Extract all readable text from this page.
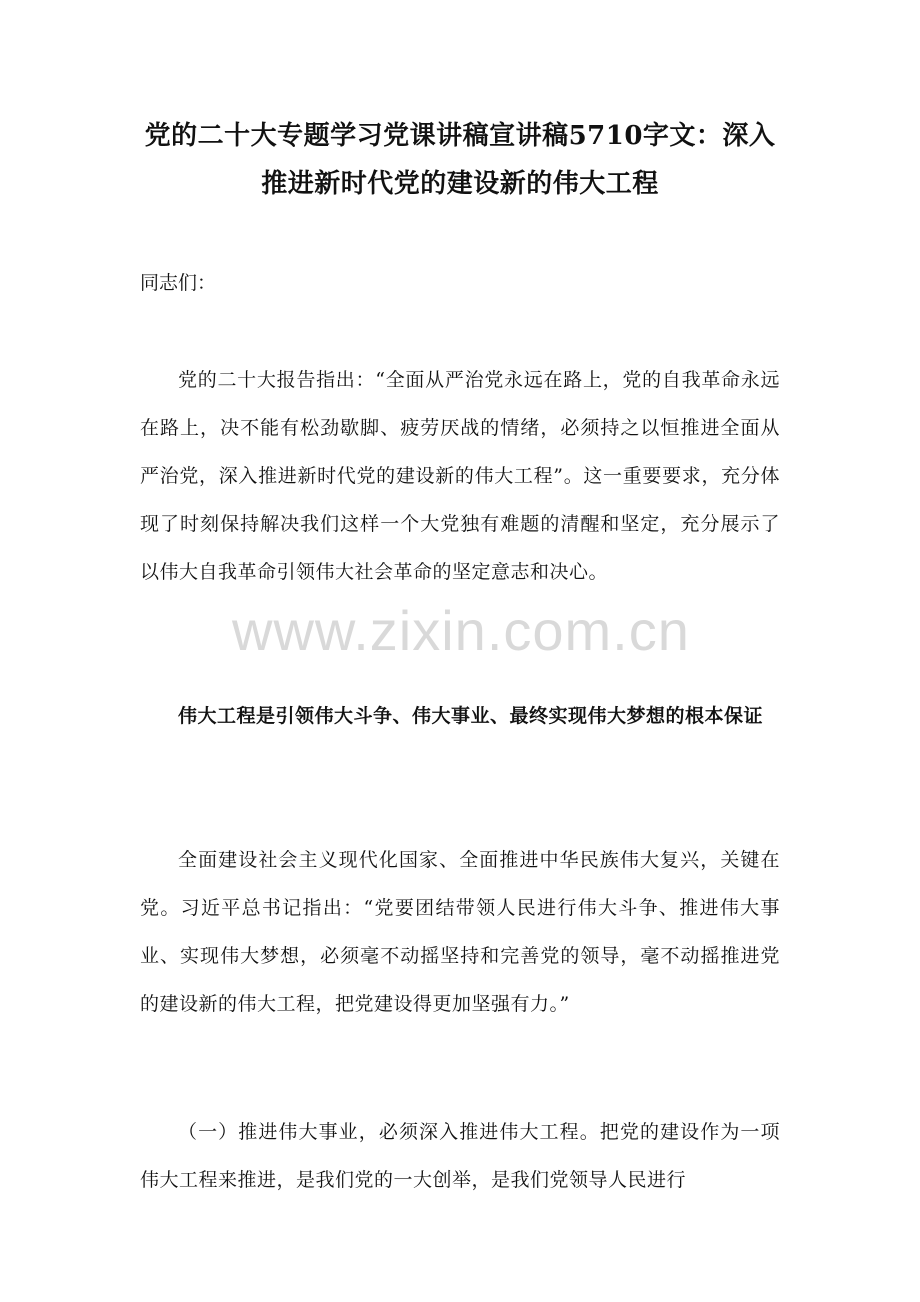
党的二十大专题学习党课讲稿宣讲稿5710字文：深入推进新时代党的建设新的伟大工程

同志们：

党的二十大报告指出：“全面从严治党永远在路上，党的自我革命永远在路上，决不能有松劲歇脚、疲劳厌战的情绪，必须持之以恒推进全面从严治党，深入推进新时代党的建设新的伟大工程”。这一重要要求，充分体现了时刻保持解决我们这样一个大党独有难题的清醒和坚定，充分展示了以伟大自我革命引领伟大社会革命的坚定意志和决心。

www.zixin.com.cn

伟大工程是引领伟大斗争、伟大事业、最终实现伟大梦想的根本保证

全面建设社会主义现代化国家、全面推进中华民族伟大复兴，关键在党。习近平总书记指出：“党要团结带领人民进行伟大斗争、推进伟大事业、实现伟大梦想，必须毫不动摇坚持和完善党的领导，毫不动摇推进党的建设新的伟大工程，把党建设得更加坚强有力。”

（一）推进伟大事业，必须深入推进伟大工程。把党的建设作为一项伟大工程来推进，是我们党的一大创举，是我们党领导人民进行
